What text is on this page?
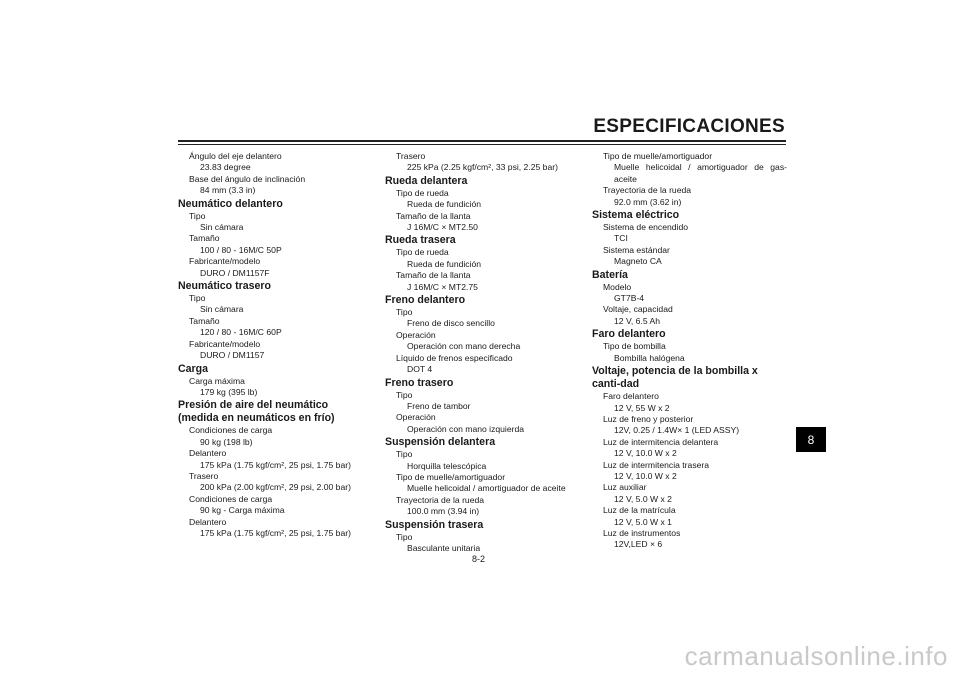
ESPECIFICACIONES
Ángulo del eje delantero
23.83 degree
Base del ángulo de inclinación
84 mm (3.3 in)
Neumático delantero
Tipo
Sin cámara
Tamaño
100 / 80 - 16M/C 50P
Fabricante/modelo
DURO / DM1157F
Neumático trasero
Tipo
Sin cámara
Tamaño
120 / 80 - 16M/C 60P
Fabricante/modelo
DURO / DM1157
Carga
Carga máxima
179 kg (395 lb)
Presión de aire del neumático (medida en neumáticos en frío)
Condiciones de carga
90 kg (198 lb)
Delantero
175 kPa (1.75 kgf/cm², 25 psi, 1.75 bar)
Trasero
200 kPa (2.00 kgf/cm², 29 psi, 2.00 bar)
Condiciones de carga
90 kg - Carga máxima
Delantero
175 kPa (1.75 kgf/cm², 25 psi, 1.75 bar)
Trasero
225 kPa (2.25 kgf/cm², 33 psi, 2.25 bar)
Rueda delantera
Tipo de rueda
Rueda de fundición
Tamaño de la llanta
J 16M/C × MT2.50
Rueda trasera
Tipo de rueda
Rueda de fundición
Tamaño de la llanta
J 16M/C × MT2.75
Freno delantero
Tipo
Freno de disco sencillo
Operación
Operación con mano derecha
Líquido de frenos especificado
DOT 4
Freno trasero
Tipo
Freno de tambor
Operación
Operación con mano izquierda
Suspensión delantera
Tipo
Horquilla telescópica
Tipo de muelle/amortiguador
Muelle helicoidal / amortiguador de aceite
Trayectoria de la rueda
100.0 mm (3.94 in)
Suspensión trasera
Tipo
Basculante unitaria
Tipo de muelle/amortiguador
Muelle helicoidal / amortiguador de gas-aceite
Trayectoria de la rueda
92.0 mm (3.62 in)
Sistema eléctrico
Sistema de encendido
TCI
Sistema estándar
Magneto CA
Batería
Modelo
GT7B-4
Voltaje, capacidad
12 V, 6.5 Ah
Faro delantero
Tipo de bombilla
Bombilla halógena
Voltaje, potencia de la bombilla x canti-dad
Faro delantero
12 V, 55 W x 2
Luz de freno y posterior
12V, 0.25 / 1.4W× 1 (LED ASSY)
Luz de intermitencia delantera
12 V, 10.0 W x 2
Luz de intermitencia trasera
12 V, 10.0 W x 2
Luz auxiliar
12 V, 5.0 W x 2
Luz de la matrícula
12 V, 5.0 W x 1
Luz de instrumentos
12V,LED × 6
8-2
8
carmanualsonline.info
